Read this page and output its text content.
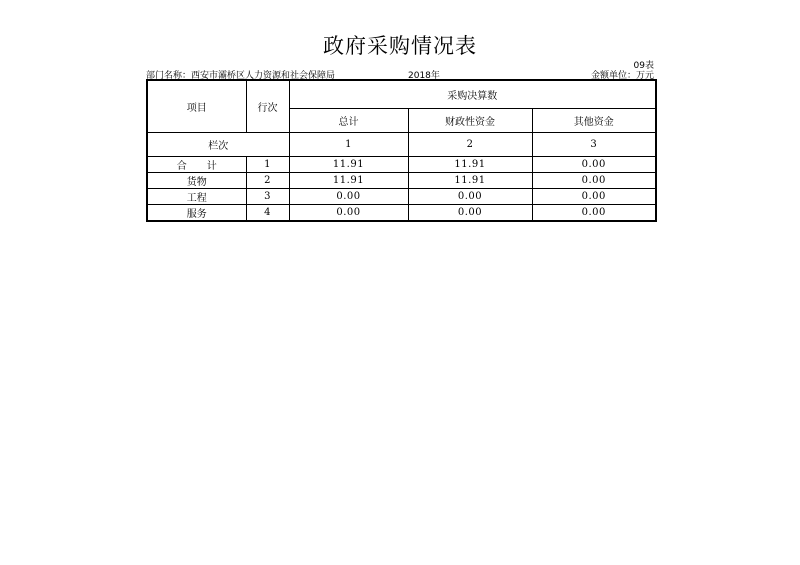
政府采购情况表
09表
部门名称：西安市灞桥区人力资源和社会保障局	2018年	金额单位：万元
项目	行次	采购决算数		
		总计	财政性资金	其他资金
栏次		1	2	3
合　　计	1	11.91	11.91	0.00
货物	2	11.91	11.91	0.00
工程	3	0.00	0.00	0.00
服务	4	0.00	0.00	0.00
